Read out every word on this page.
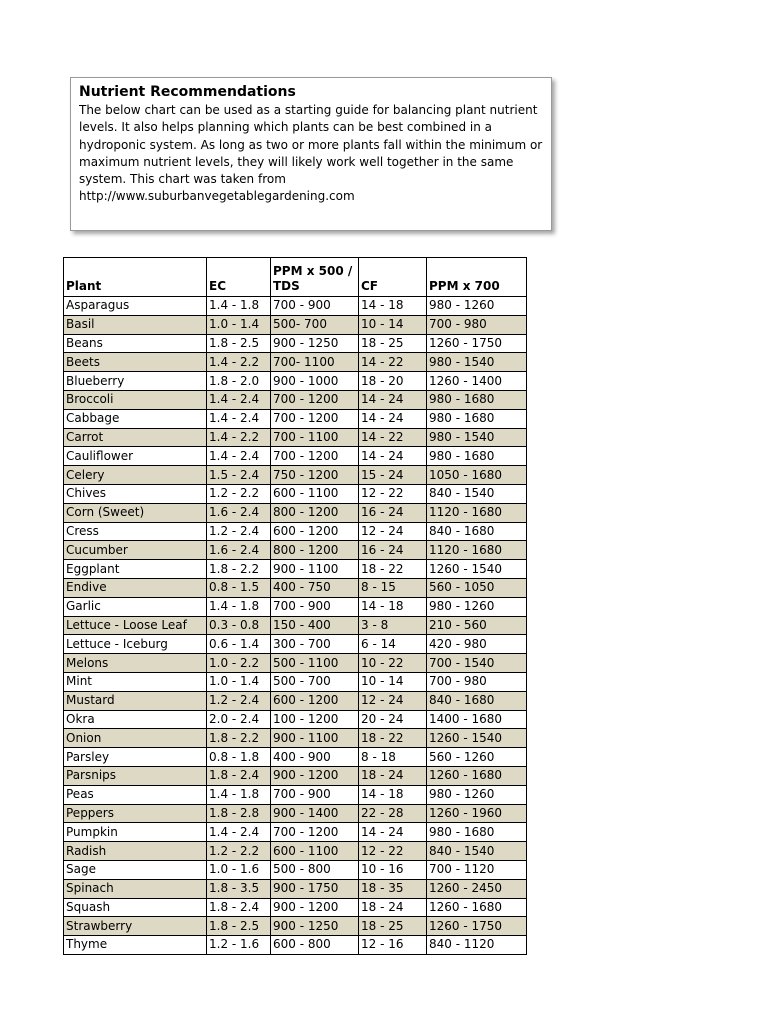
Nutrient Recommendations

The below chart can be used as a starting guide for balancing plant nutrient levels. It also helps planning which plants can be best combined in a hydroponic system. As long as two or more plants fall within the minimum or maximum nutrient levels, they will likely work well together in the same system. This chart was taken from http://www.suburbanvegetablegardening.com

Plant	EC	PPM x 500 / TDS	CF	PPM x 700
Asparagus	1.4 - 1.8	700 - 900	14 - 18	980 - 1260
Basil	1.0 - 1.4	500- 700	10 - 14	700 - 980
Beans	1.8 - 2.5	900 - 1250	18 - 25	1260 - 1750
Beets	1.4 - 2.2	700- 1100	14 - 22	980 - 1540
Blueberry	1.8 - 2.0	900 - 1000	18 - 20	1260 - 1400
Broccoli	1.4 - 2.4	700 - 1200	14 - 24	980 - 1680
Cabbage	1.4 - 2.4	700 - 1200	14 - 24	980 - 1680
Carrot	1.4 - 2.2	700 - 1100	14 - 22	980 - 1540
Cauliflower	1.4 - 2.4	700 - 1200	14 - 24	980 - 1680
Celery	1.5 - 2.4	750 - 1200	15 - 24	1050 - 1680
Chives	1.2 - 2.2	600 - 1100	12 - 22	840 - 1540
Corn (Sweet)	1.6 - 2.4	800 - 1200	16 - 24	1120 - 1680
Cress	1.2 - 2.4	600 - 1200	12 - 24	840 - 1680
Cucumber	1.6 - 2.4	800 - 1200	16 - 24	1120 - 1680
Eggplant	1.8 - 2.2	900 - 1100	18 - 22	1260 - 1540
Endive	0.8 - 1.5	400 - 750	8 - 15	560 - 1050
Garlic	1.4 - 1.8	700 - 900	14 - 18	980 - 1260
Lettuce - Loose Leaf	0.3 - 0.8	150 - 400	3 - 8	210 - 560
Lettuce - Iceburg	0.6 - 1.4	300 - 700	6 - 14	420 - 980
Melons	1.0 - 2.2	500 - 1100	10 - 22	700 - 1540
Mint	1.0 - 1.4	500 - 700	10 - 14	700 - 980
Mustard	1.2 - 2.4	600 - 1200	12 - 24	840 - 1680
Okra	2.0 - 2.4	100 - 1200	20 - 24	1400 - 1680
Onion	1.8 - 2.2	900 - 1100	18 - 22	1260 - 1540
Parsley	0.8 - 1.8	400 - 900	8 - 18	560 - 1260
Parsnips	1.8 - 2.4	900 - 1200	18 - 24	1260 - 1680
Peas	1.4 - 1.8	700 - 900	14 - 18	980 - 1260
Peppers	1.8 - 2.8	900 - 1400	22 - 28	1260 - 1960
Pumpkin	1.4 - 2.4	700 - 1200	14 - 24	980 - 1680
Radish	1.2 - 2.2	600 - 1100	12 - 22	840 - 1540
Sage	1.0 - 1.6	500 - 800	10 - 16	700 - 1120
Spinach	1.8 - 3.5	900 - 1750	18 - 35	1260 - 2450
Squash	1.8 - 2.4	900 - 1200	18 - 24	1260 - 1680
Strawberry	1.8 - 2.5	900 - 1250	18 - 25	1260 - 1750
Thyme	1.2 - 1.6	600 - 800	12 - 16	840 - 1120
